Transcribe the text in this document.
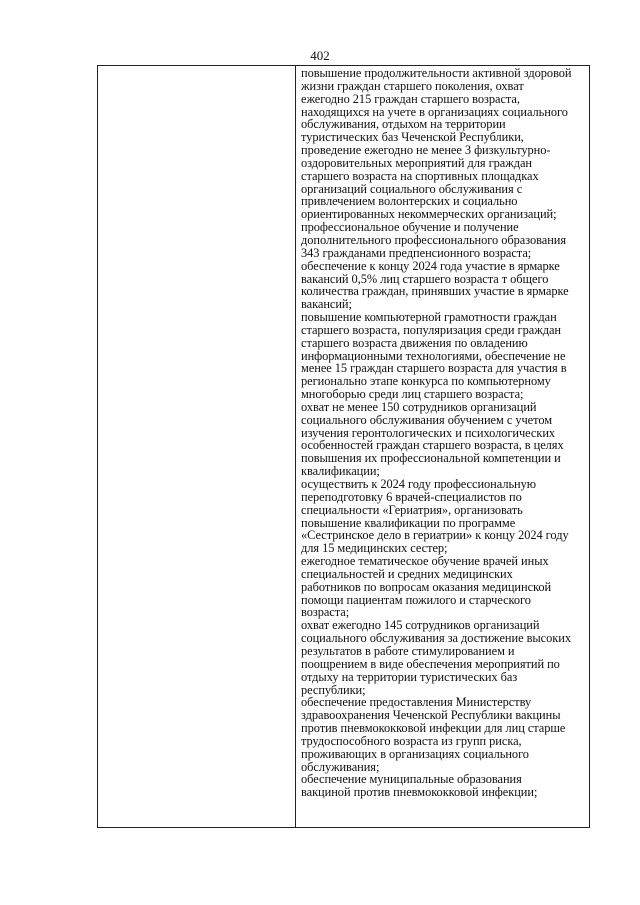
402
повышение продолжительности активной здоровой
жизни граждан старшего поколения, охват
ежегодно 215 граждан старшего возраста,
находящихся на учете в организациях социального
обслуживания, отдыхом на территории
туристических баз Чеченской Республики,
проведение ежегодно не менее 3 физкультурно-
оздоровительных мероприятий для граждан
старшего возраста на спортивных площадках
организаций социального обслуживания с
привлечением волонтерских и социально
ориентированных некоммерческих организаций;
профессиональное обучение и получение
дополнительного профессионального образования
343 гражданами предпенсионного возраста;
обеспечение к концу 2024 года участие в ярмарке
вакансий 0,5% лиц старшего возраста т общего
количества граждан, принявших участие в ярмарке
вакансий;
повышение компьютерной грамотности граждан
старшего возраста, популяризация среди граждан
старшего возраста движения по овладению
информационными технологиями, обеспечение не
менее 15 граждан старшего возраста для участия в
регионально этапе конкурса по компьютерному
многоборью среди лиц старшего возраста;
охват не менее 150 сотрудников организаций
социального обслуживания обучением с учетом
изучения геронтологических и психологических
особенностей граждан старшего возраста, в целях
повышения их профессиональной компетенции и
квалификации;
осуществить к 2024 году профессиональную
переподготовку 6 врачей-специалистов по
специальности «Гериатрия», организовать
повышение квалификации по программе
«Сестринское дело в гериатрии» к концу 2024 году
для 15 медицинских сестер;
ежегодное тематическое обучение врачей иных
специальностей и средних медицинских
работников по вопросам оказания медицинской
помощи пациентам пожилого и старческого
возраста;
охват ежегодно 145 сотрудников организаций
социального обслуживания за достижение высоких
результатов в работе стимулированием и
поощрением в виде обеспечения мероприятий по
отдыху на территории туристических баз
республики;
обеспечение предоставления Министерству
здравоохранения Чеченской Республики вакцины
против пневмококковой инфекции для лиц старше
трудоспособного возраста из групп риска,
проживающих в организациях социального
обслуживания;
обеспечение муниципальные образования
вакциной против пневмококковой инфекции;
